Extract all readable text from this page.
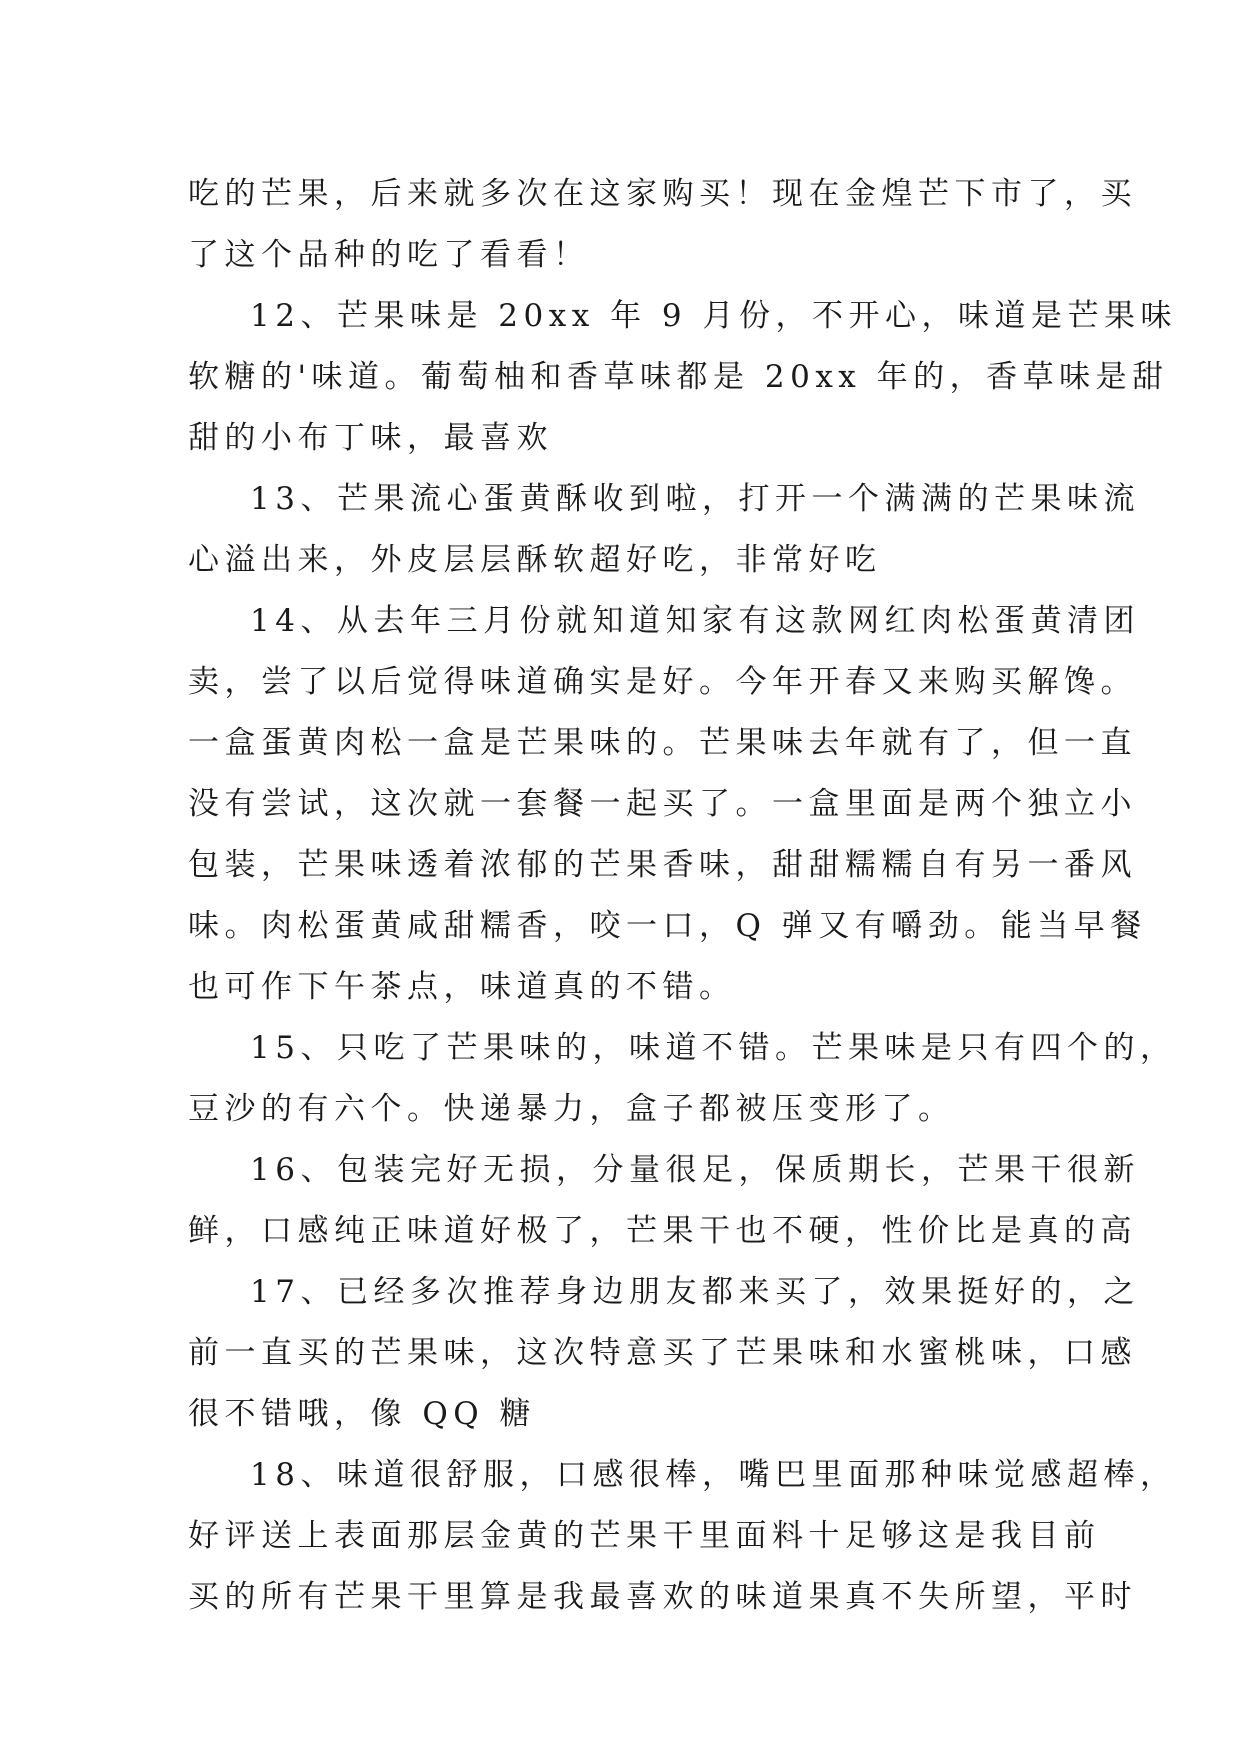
吃的芒果，后来就多次在这家购买！现在金煌芒下市了，买
了这个品种的吃了看看！
12、芒果味是 20xx 年 9 月份，不开心，味道是芒果味
软糖的'味道。葡萄柚和香草味都是 20xx 年的，香草味是甜
甜的小布丁味，最喜欢
13、芒果流心蛋黄酥收到啦，打开一个满满的芒果味流
心溢出来，外皮层层酥软超好吃，非常好吃
14、从去年三月份就知道知家有这款网红肉松蛋黄清团
卖，尝了以后觉得味道确实是好。今年开春又来购买解馋。
一盒蛋黄肉松一盒是芒果味的。芒果味去年就有了，但一直
没有尝试，这次就一套餐一起买了。一盒里面是两个独立小
包装，芒果味透着浓郁的芒果香味，甜甜糯糯自有另一番风
味。肉松蛋黄咸甜糯香，咬一口，Q 弹又有嚼劲。能当早餐
也可作下午茶点，味道真的不错。
15、只吃了芒果味的，味道不错。芒果味是只有四个的，
豆沙的有六个。快递暴力，盒子都被压变形了。
16、包装完好无损，分量很足，保质期长，芒果干很新
鲜，口感纯正味道好极了，芒果干也不硬，性价比是真的高
17、已经多次推荐身边朋友都来买了，效果挺好的，之
前一直买的芒果味，这次特意买了芒果味和水蜜桃味，口感
很不错哦，像 QQ 糖
18、味道很舒服，口感很棒，嘴巴里面那种味觉感超棒，
好评送上表面那层金黄的芒果干里面料十足够这是我目前
买的所有芒果干里算是我最喜欢的味道果真不失所望，平时
